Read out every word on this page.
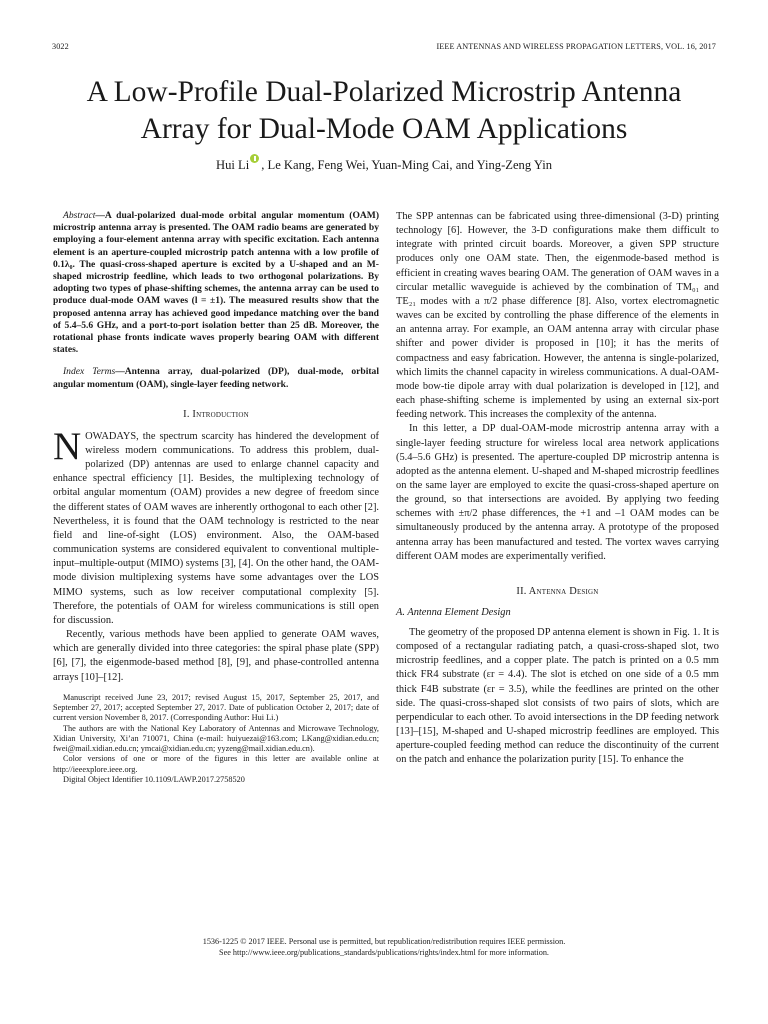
3022	IEEE ANTENNAS AND WIRELESS PROPAGATION LETTERS, VOL. 16, 2017
A Low-Profile Dual-Polarized Microstrip Antenna
Array for Dual-Mode OAM Applications
Hui Li , Le Kang, Feng Wei, Yuan-Ming Cai, and Ying-Zeng Yin

Abstract—A dual-polarized dual-mode orbital angular momentum (OAM) microstrip antenna array is presented. The OAM radio beams are generated by employing a four-element antenna array with specific excitation. Each antenna element is an aperture-coupled microstrip patch antenna with a low profile of 0.1λ₀. The quasi-cross-shaped aperture is excited by a U-shaped and an M-shaped microstrip feedline, which leads to two orthogonal polarizations. By adopting two types of phase-shifting schemes, the antenna array can be used to produce dual-mode OAM waves (l = ±1). The measured results show that the proposed antenna array has achieved good impedance matching over the band of 5.4–5.6 GHz, and a port-to-port isolation better than 25 dB. Moreover, the rotational phase fronts indicate waves properly bearing OAM with different states.

Index Terms—Antenna array, dual-polarized (DP), dual-mode, orbital angular momentum (OAM), single-layer feeding network.

I. Introduction

NOWADAYS, the spectrum scarcity has hindered the development of wireless modern communications. To address this problem, dual-polarized (DP) antennas are used to enlarge channel capacity and enhance spectral efficiency [1]. Besides, the multiplexing technology of orbital angular momentum (OAM) provides a new degree of freedom since the different states of OAM waves are inherently orthogonal to each other [2]. Nevertheless, it is found that the OAM technology is restricted to the near field and line-of-sight (LOS) environment. Also, the OAM-based communication systems are considered equivalent to conventional multiple-input–multiple-output (MIMO) systems [3], [4]. On the other hand, the OAM-mode division multiplexing systems have some advantages over the LOS MIMO systems, such as low receiver computational complexity [5]. Therefore, the potentials of OAM for wireless communications is still open for discussion.

Recently, various methods have been applied to generate OAM waves, which are generally divided into three categories: the spiral phase plate (SPP) [6], [7], the eigenmode-based method [8], [9], and phase-controlled antenna arrays [10]–[12].

Manuscript received June 23, 2017; revised August 15, 2017, September 25, 2017, and September 27, 2017; accepted September 27, 2017. Date of publication October 2, 2017; date of current version November 8, 2017. (Corresponding Author: Hui Li.)

The authors are with the National Key Laboratory of Antennas and Microwave Technology, Xidian University, Xi’an 710071, China (e-mail: huiyuezai@163.com; LKang@xidian.edu.cn; fwei@mail.xidian.edu.cn; ymcai@xidian.edu.cn; yyzeng@mail.xidian.edu.cn).

Color versions of one or more of the figures in this letter are available online at http://ieeexplore.ieee.org.

Digital Object Identifier 10.1109/LAWP.2017.2758520

The SPP antennas can be fabricated using three-dimensional (3-D) printing technology [6]. However, the 3-D configurations make them difficult to integrate with printed circuit boards. Moreover, a given SPP structure produces only one OAM state. Then, the eigenmode-based method is efficient in creating waves bearing OAM. The generation of OAM waves in a circular metallic waveguide is achieved by the combination of TM₀₁ and TE₂₁ modes with a π/2 phase difference [8]. Also, vortex electromagnetic waves can be excited by controlling the phase difference of the elements in an antenna array. For example, an OAM antenna array with circular phase shifter and power divider is proposed in [10]; it has the merits of compactness and easy fabrication. However, the antenna is single-polarized, which limits the channel capacity in wireless communications. A dual-OAM-mode bow-tie dipole array with dual polarization is developed in [12], and each phase-shifting scheme is implemented by using an external six-port feeding network. This increases the complexity of the antenna.

In this letter, a DP dual-OAM-mode microstrip antenna array with a single-layer feeding structure for wireless local area network applications (5.4–5.6 GHz) is presented. The aperture-coupled DP microstrip antenna is adopted as the antenna element. U-shaped and M-shaped microstrip feedlines on the same layer are employed to excite the quasi-cross-shaped aperture on the ground, so that intersections are avoided. By applying two feeding schemes with ±π/2 phase differences, the +1 and –1 OAM modes can be simultaneously produced by the antenna array. A prototype of the proposed antenna array has been manufactured and tested. The vortex waves carrying different OAM modes are experimentally verified.

II. Antenna Design
A. Antenna Element Design

The geometry of the proposed DP antenna element is shown in Fig. 1. It is composed of a rectangular radiating patch, a quasi-cross-shaped slot, two microstrip feedlines, and a copper plate. The patch is printed on a 0.5 mm thick FR4 substrate (εr = 4.4). The slot is etched on one side of a 0.5 mm thick F4B substrate (εr = 3.5), while the feedlines are printed on the other side. The quasi-cross-shaped slot consists of two pairs of slots, which are perpendicular to each other. To avoid intersections in the DP feeding network [13]–[15], M-shaped and U-shaped microstrip feedlines are employed. This aperture-coupled feeding method can reduce the discontinuity of the current on the patch and enhance the polarization purity [15]. To enhance the

1536-1225 © 2017 IEEE. Personal use is permitted, but republication/redistribution requires IEEE permission.
See http://www.ieee.org/publications_standards/publications/rights/index.html for more information.
